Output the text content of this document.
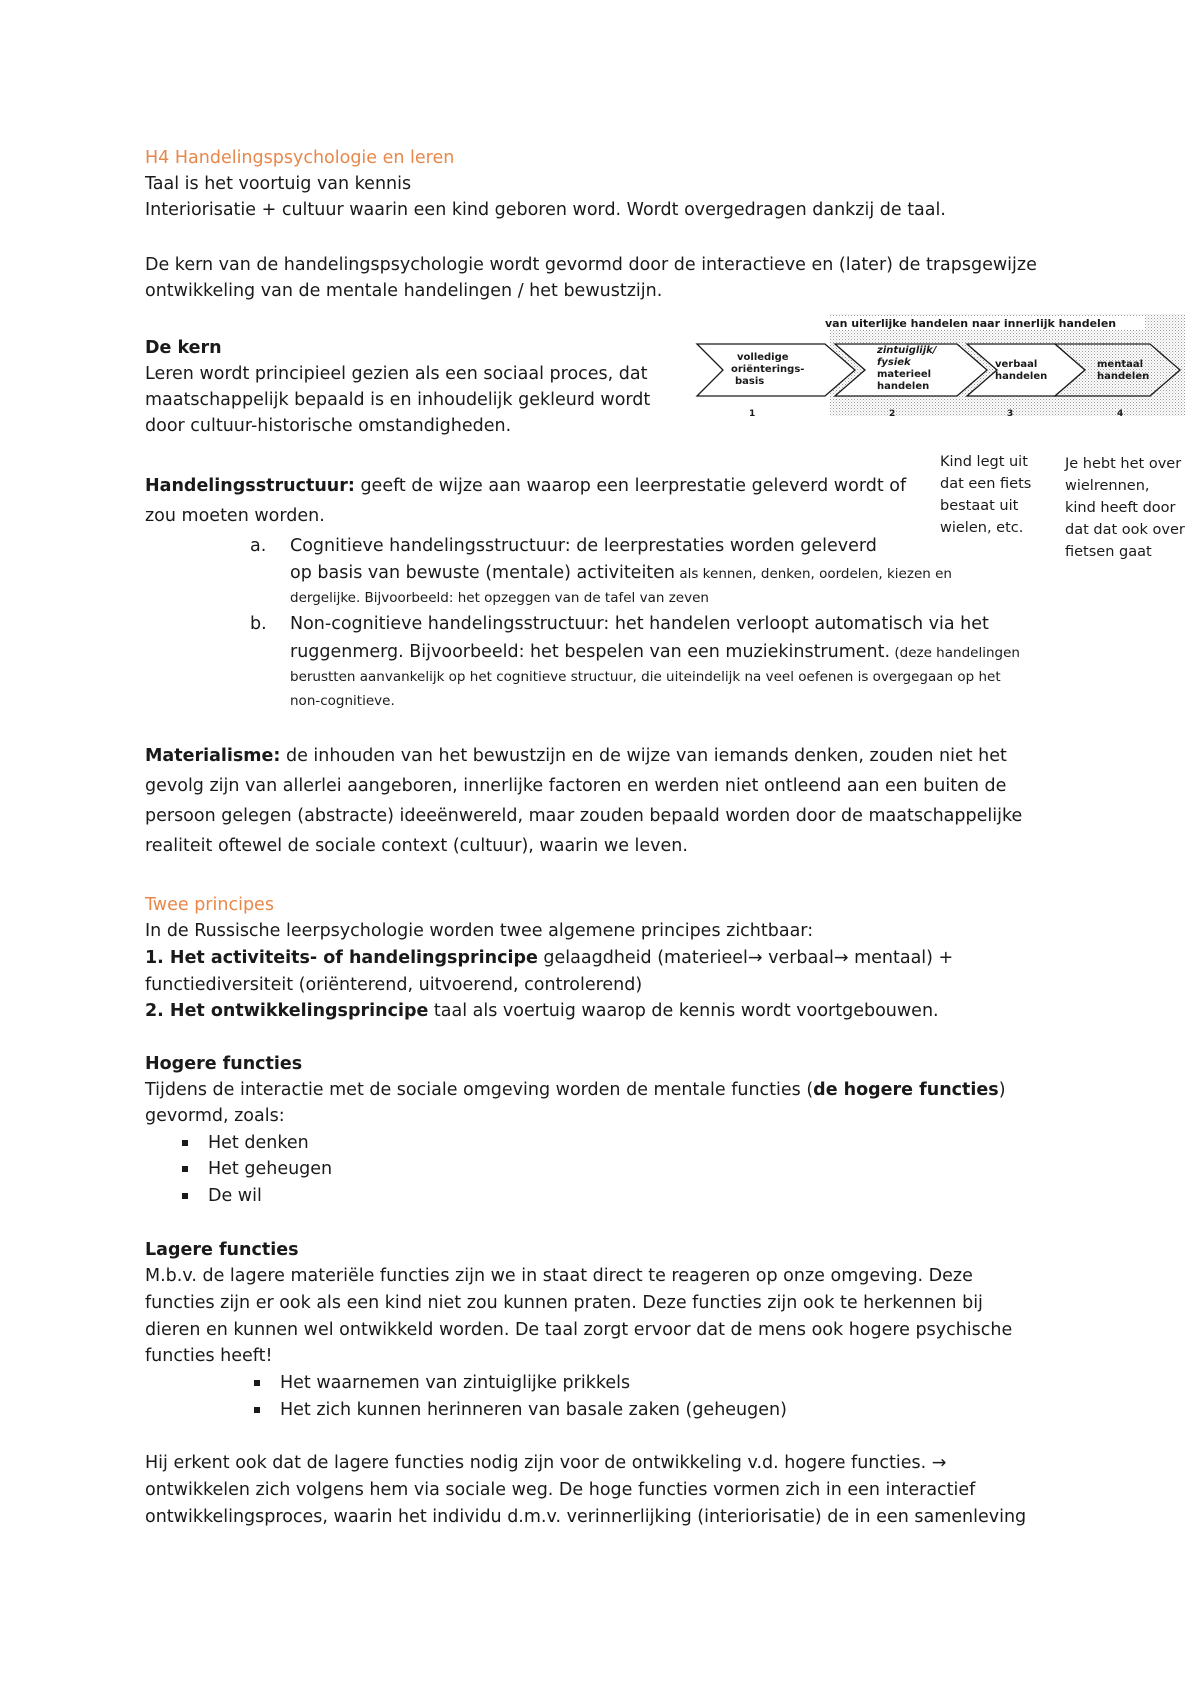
H4 Handelingspsychologie en leren
Taal is het voortuig van kennis
Interiorisatie + cultuur waarin een kind geboren word. Wordt overgedragen dankzij de taal.
De kern van de handelingspsychologie wordt gevormd door de interactieve en (later) de trapsgewijze
ontwikkeling van de mentale handelingen / het bewustzijn.
De kern
Leren wordt principieel gezien als een sociaal proces, dat
maatschappelijk bepaald is en inhoudelijk gekleurd wordt
door cultuur-historische omstandigheden.
van uiterlijke handelen naar innerlijk handelen
volledige
oriënterings-
basis
zintuiglijk/
fysiek
materieel
handelen
verbaal
handelen
mentaal
handelen
1	2	3	4
Kind legt uit
dat een fiets
bestaat uit
wielen, etc.
Je hebt het over
wielrennen,
kind heeft door
dat dat ook over
fietsen gaat
Handelingsstructuur: geeft de wijze aan waarop een leerprestatie geleverd wordt of
zou moeten worden.
a. Cognitieve handelingsstructuur: de leerprestaties worden geleverd
op basis van bewuste (mentale) activiteiten als kennen, denken, oordelen, kiezen en
dergelijke. Bijvoorbeeld: het opzeggen van de tafel van zeven
b. Non-cognitieve handelingsstructuur: het handelen verloopt automatisch via het
ruggenmerg. Bijvoorbeeld: het bespelen van een muziekinstrument. (deze handelingen
berustten aanvankelijk op het cognitieve structuur, die uiteindelijk na veel oefenen is overgegaan op het
non-cognitieve.
Materialisme: de inhouden van het bewustzijn en de wijze van iemands denken, zouden niet het
gevolg zijn van allerlei aangeboren, innerlijke factoren en werden niet ontleend aan een buiten de
persoon gelegen (abstracte) ideeënwereld, maar zouden bepaald worden door de maatschappelijke
realiteit oftewel de sociale context (cultuur), waarin we leven.
Twee principes
In de Russische leerpsychologie worden twee algemene principes zichtbaar:
1. Het activiteits- of handelingsprincipe gelaagdheid (materieel→ verbaal→ mentaal) +
functiediversiteit (oriënterend, uitvoerend, controlerend)
2. Het ontwikkelingsprincipe taal als voertuig waarop de kennis wordt voortgebouwen.
Hogere functies
Tijdens de interactie met de sociale omgeving worden de mentale functies (de hogere functies)
gevormd, zoals:
Het denken
Het geheugen
De wil
Lagere functies
M.b.v. de lagere materiële functies zijn we in staat direct te reageren op onze omgeving. Deze
functies zijn er ook als een kind niet zou kunnen praten. Deze functies zijn ook te herkennen bij
dieren en kunnen wel ontwikkeld worden. De taal zorgt ervoor dat de mens ook hogere psychische
functies heeft!
Het waarnemen van zintuiglijke prikkels
Het zich kunnen herinneren van basale zaken (geheugen)
Hij erkent ook dat de lagere functies nodig zijn voor de ontwikkeling v.d. hogere functies. →
ontwikkelen zich volgens hem via sociale weg. De hoge functies vormen zich in een interactief
ontwikkelingsproces, waarin het individu d.m.v. verinnerlijking (interiorisatie) de in een samenleving
